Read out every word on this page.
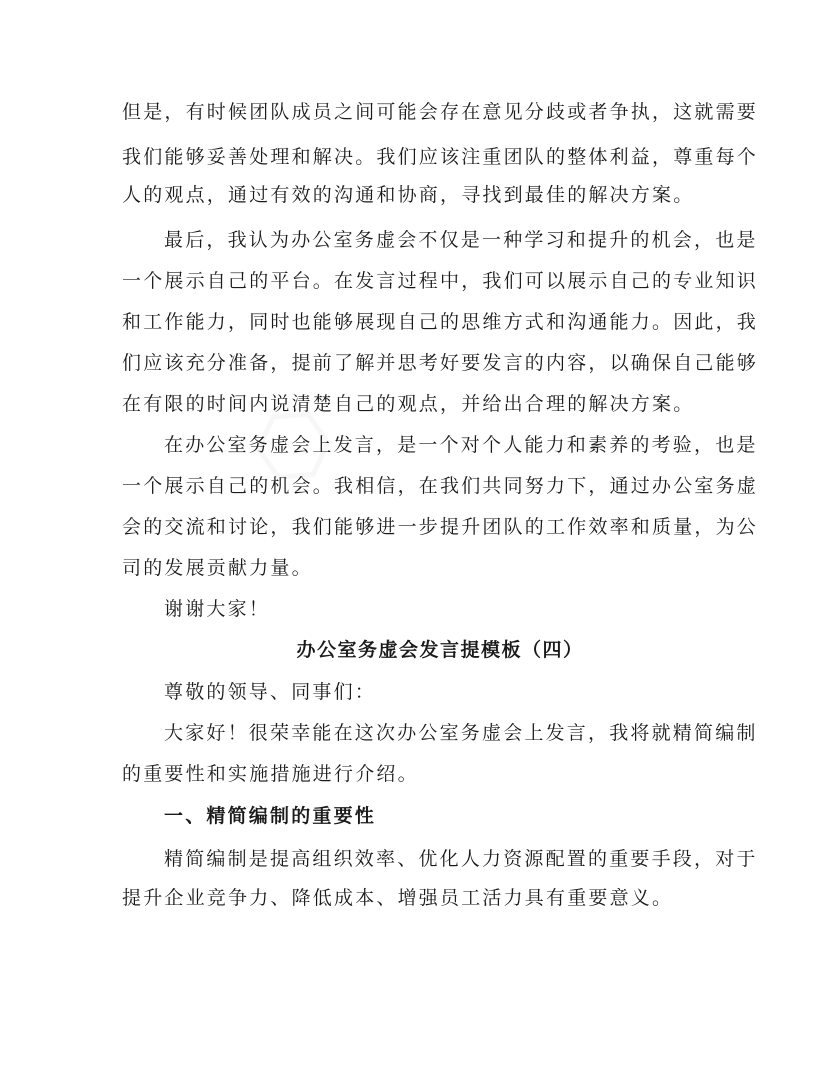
⬡
但是，有时候团队成员之间可能会存在意见分歧或者争执，这就需要
我们能够妥善处理和解决。我们应该注重团队的整体利益，尊重每个
人的观点，通过有效的沟通和协商，寻找到最佳的解决方案。
最后，我认为办公室务虚会不仅是一种学习和提升的机会，也是
一个展示自己的平台。在发言过程中，我们可以展示自己的专业知识
和工作能力，同时也能够展现自己的思维方式和沟通能力。因此，我
们应该充分准备，提前了解并思考好要发言的内容，以确保自己能够
在有限的时间内说清楚自己的观点，并给出合理的解决方案。
在办公室务虚会上发言，是一个对个人能力和素养的考验，也是
一个展示自己的机会。我相信，在我们共同努力下，通过办公室务虚
会的交流和讨论，我们能够进一步提升团队的工作效率和质量，为公
司的发展贡献力量。
谢谢大家！
办公室务虚会发言提模板（四）
尊敬的领导、同事们：
大家好！很荣幸能在这次办公室务虚会上发言，我将就精简编制
的重要性和实施措施进行介绍。
一、精简编制的重要性
精简编制是提高组织效率、优化人力资源配置的重要手段，对于
提升企业竞争力、降低成本、增强员工活力具有重要意义。
